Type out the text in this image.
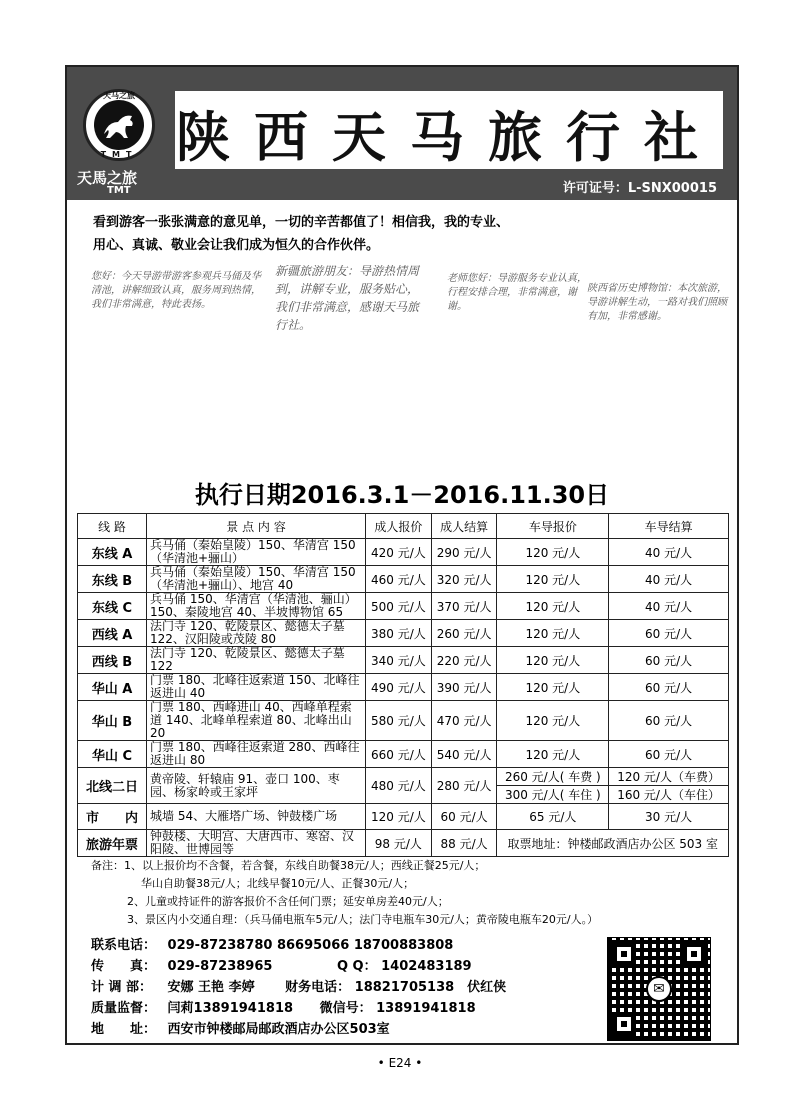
天马之旅
TMT
天馬之旅
TMT
陕西天马旅行社
许可证号：L-SNX00015
看到游客一张张满意的意见单，一切的辛苦都值了！相信我，我的专业、
用心、真诚、敬业会让我们成为恒久的合作伙伴。
您好：今天导游带游客参观兵马俑及华清池，讲解细致认真，服务周到热情，我们非常满意，特此表扬。
新疆旅游朋友：导游热情周到，讲解专业，服务贴心，我们非常满意，感谢天马旅行社。
老师您好：导游服务专业认真，行程安排合理，非常满意，谢谢。
陕西省历史博物馆：本次旅游，导游讲解生动，一路对我们照顾有加，非常感谢。
执行日期2016.3.1－2016.11.30日
线 路	景 点 内 容	成人报价	成人结算	车导报价	车导结算
东线 A	兵马俑（秦始皇陵）150、华清宫 150（华清池+骊山）	420 元/人	290 元/人	120 元/人	40 元/人
东线 B	兵马俑（秦始皇陵）150、华清宫 150（华清池+骊山）、地宫 40	460 元/人	320 元/人	120 元/人	40 元/人
东线 C	兵马俑 150、华清宫（华清池、骊山）150、秦陵地宫 40、半坡博物馆 65	500 元/人	370 元/人	120 元/人	40 元/人
西线 A	法门寺 120、乾陵景区、懿德太子墓 122、汉阳陵或茂陵 80	380 元/人	260 元/人	120 元/人	60 元/人
西线 B	法门寺 120、乾陵景区、懿德太子墓 122	340 元/人	220 元/人	120 元/人	60 元/人
华山 A	门票 180、北峰往返索道 150、北峰往返进山 40	490 元/人	390 元/人	120 元/人	60 元/人
华山 B	门票 180、西峰进山 40、西峰单程索道 140、北峰单程索道 80、北峰出山 20	580 元/人	470 元/人	120 元/人	60 元/人
华山 C	门票 180、西峰往返索道 280、西峰往返进山 80	660 元/人	540 元/人	120 元/人	60 元/人
北线二日	黄帝陵、轩辕庙 91、壶口 100、枣园、杨家岭或王家坪	480 元/人	280 元/人	260 元/人( 车费 )	120 元/人（车费）
				300 元/人( 车住 )	160 元/人（车住）
市　　内	城墙 54、大雁塔广场、钟鼓楼广场	120 元/人	60 元/人	65 元/人	30 元/人
旅游年票	钟鼓楼、大明宫、大唐西市、寒窑、汉阳陵、世博园等	98 元/人	88 元/人	取票地址：钟楼邮政酒店办公区 503 室	
备注：1、以上报价均不含餐，若含餐，东线自助餐38元/人；西线正餐25元/人；
华山自助餐38元/人；北线早餐10元/人、正餐30元/人；
2、儿童或持证件的游客报价不含任何门票；延安单房差40元/人；
3、景区内小交通自理：（兵马俑电瓶车5元/人；法门寺电瓶车30元/人；黄帝陵电瓶车20元/人。）
联系电话： 029-87238780 86695066 18700883808
传　　真： 029-87238965	Q Q： 1402483189
计 调 部： 安娜 王艳 李婷 财务电话： 18821705138　伏红侠
质量监督： 闫莉13891941818 微信号： 13891941818
地　　址： 西安市钟楼邮局邮政酒店办公区503室
✉
• E24 •
